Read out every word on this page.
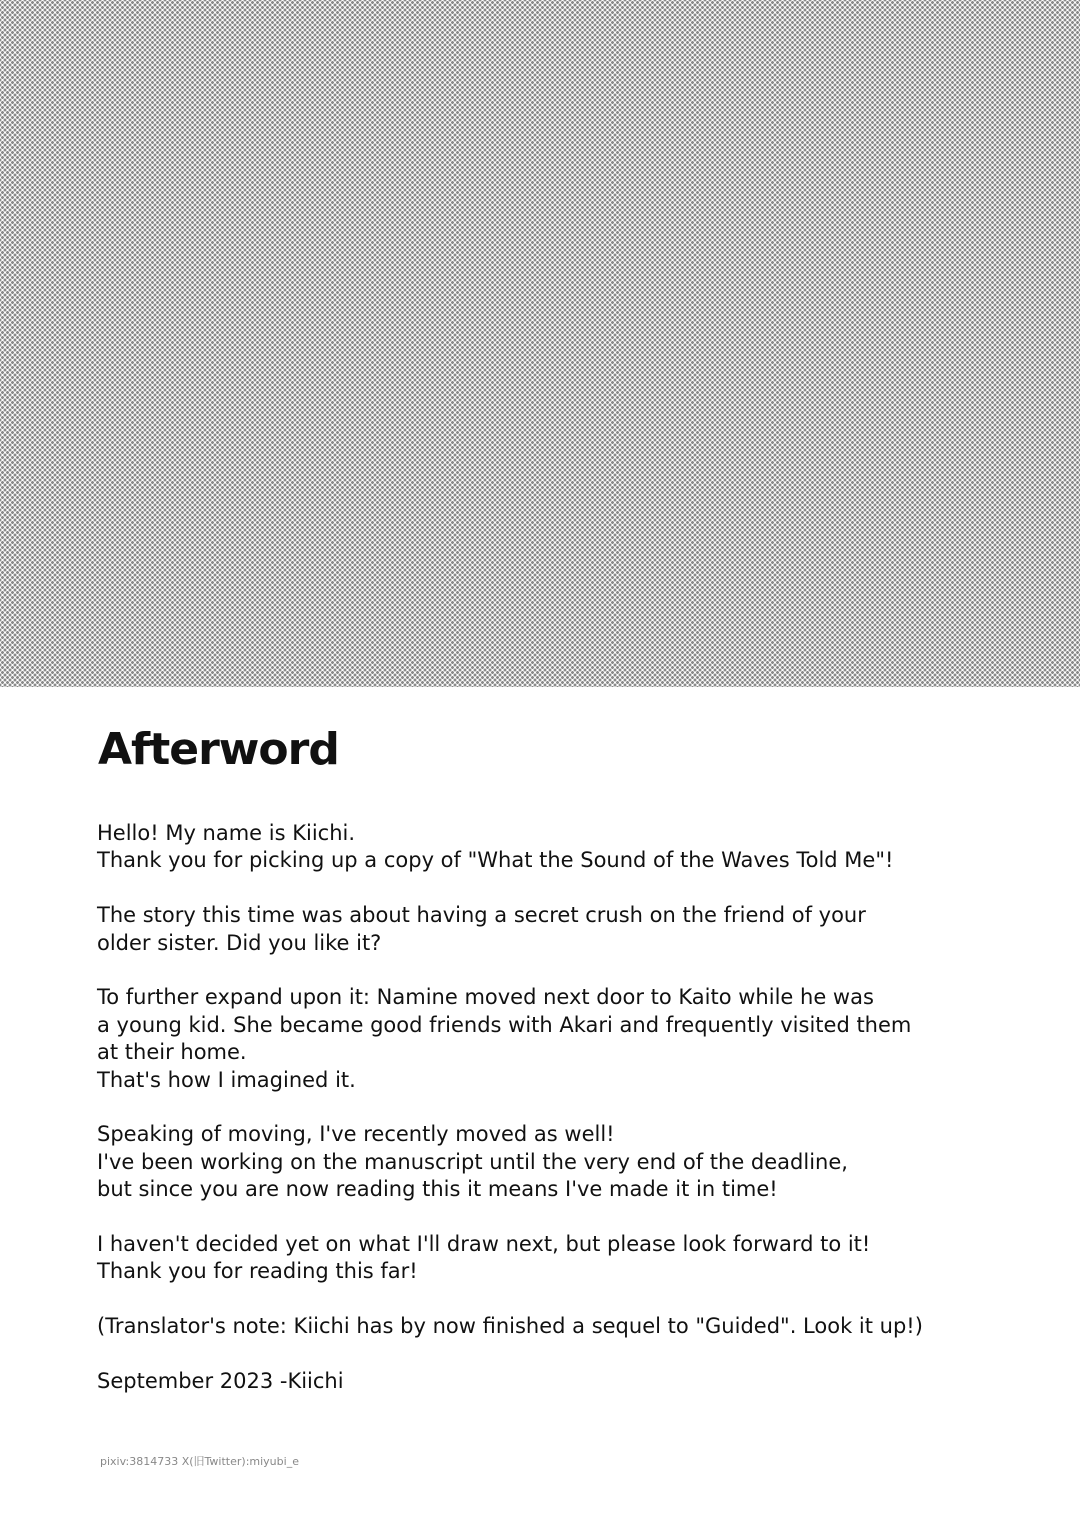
Afterword

Hello! My name is Kiichi.
Thank you for picking up a copy of "What the Sound of the Waves Told Me"!

The story this time was about having a secret crush on the friend of your
older sister. Did you like it?

To further expand upon it: Namine moved next door to Kaito while he was
a young kid. She became good friends with Akari and frequently visited them
at their home.
That's how I imagined it.

Speaking of moving, I've recently moved as well!
I've been working on the manuscript until the very end of the deadline,
but since you are now reading this it means I've made it in time!

I haven't decided yet on what I'll draw next, but please look forward to it!
Thank you for reading this far!

(Translator's note: Kiichi has by now finished a sequel to "Guided". Look it up!)

September 2023 -Kiichi

pixiv:3814733 X(旧Twitter):miyubi_e
